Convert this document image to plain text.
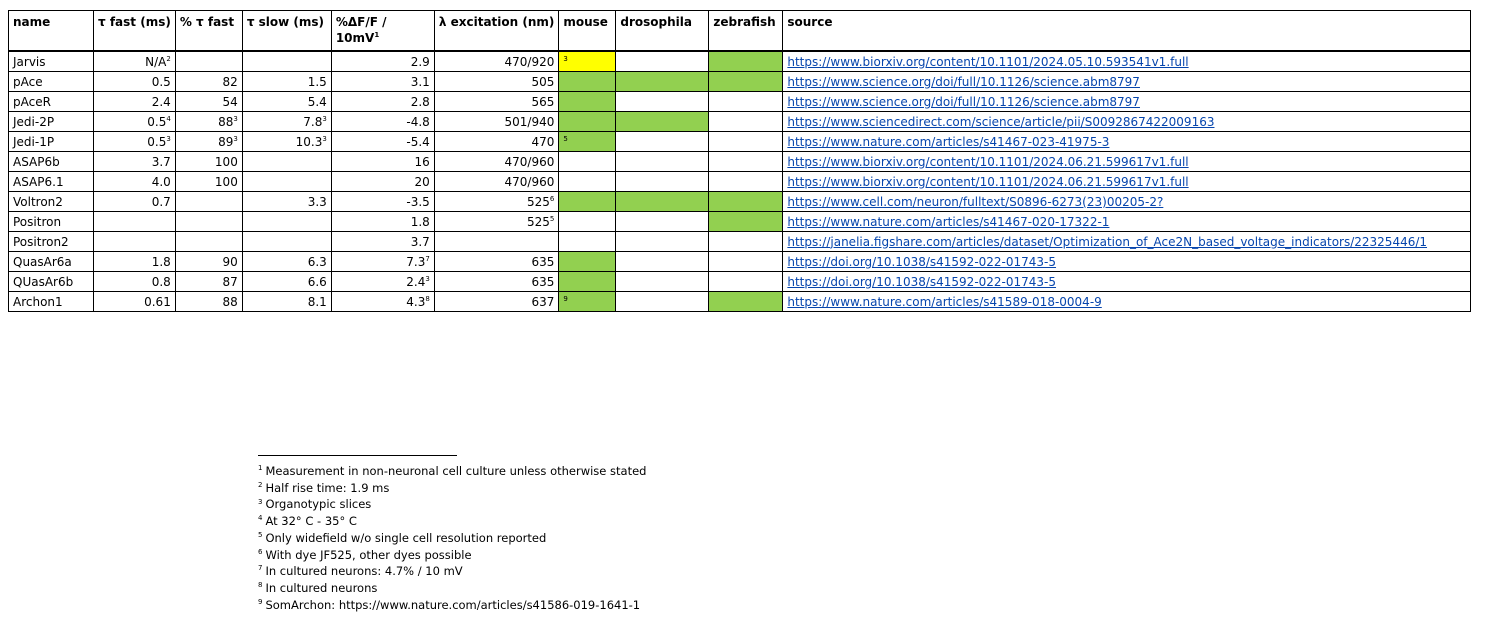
name	τ fast (ms)	% τ fast	τ slow (ms)	%ΔF/F /
$10mV^1$	λ excitation (nm)	mouse	drosophila	zebrafish	source
Jarvis	$N/A^2$			2.9	470/920	$^3$			https://www.biorxiv.org/content/10.1101/2024.05.10.593541v1.full
pAce	0.5	82	1.5	3.1	505				https://www.science.org/doi/full/10.1126/science.abm8797
pAceR	2.4	54	5.4	2.8	565				https://www.science.org/doi/full/10.1126/science.abm8797
Jedi-2P	$0.5^4$	$88^3$	$7.8^3$	-4.8	501/940				https://www.sciencedirect.com/science/article/pii/S0092867422009163
Jedi-1P	$0.5^3$	$89^3$	10.3$^3$	-5.4	470	$^5$			https://www.nature.com/articles/s41467-023-41975-3
ASAP6b	3.7	100		16	470/960				https://www.biorxiv.org/content/10.1101/2024.06.21.599617v1.full
ASAP6.1	4.0	100		20	470/960				https://www.biorxiv.org/content/10.1101/2024.06.21.599617v1.full
Voltron2	0.7		3.3	-3.5	$525^6$				https://www.cell.com/neuron/fulltext/S0896-6273(23)00205-2?
Positron				1.8	$525^5$				https://www.nature.com/articles/s41467-020-17322-1
Positron2				3.7					https://janelia.figshare.com/articles/dataset/Optimization_of_Ace2N_based_voltage_indicators/22325446/1
QuasAr6a	1.8	90	6.3	$7.3^7$	635				https://doi.org/10.1038/s41592-022-01743-5
QUasAr6b	0.8	87	6.6	$2.4^3$	635				https://doi.org/10.1038/s41592-022-01743-5
Archon1	0.61	88	8.1	$4.3^8$	637	$^9$			https://www.nature.com/articles/s41589-018-0004-9
$^1$ Measurement in non-neuronal cell culture unless otherwise stated
$^2$ Half rise time: 1.9 ms
$^3$ Organotypic slices
$^4$ At 32° C - 35° C
$^5$ Only widefield w/o single cell resolution reported
$^6$ With dye JF525, other dyes possible
$^7$ In cultured neurons: 4.7% / 10 mV
$^8$ In cultured neurons
$^9$ SomArchon: https://www.nature.com/articles/s41586-019-1641-1
